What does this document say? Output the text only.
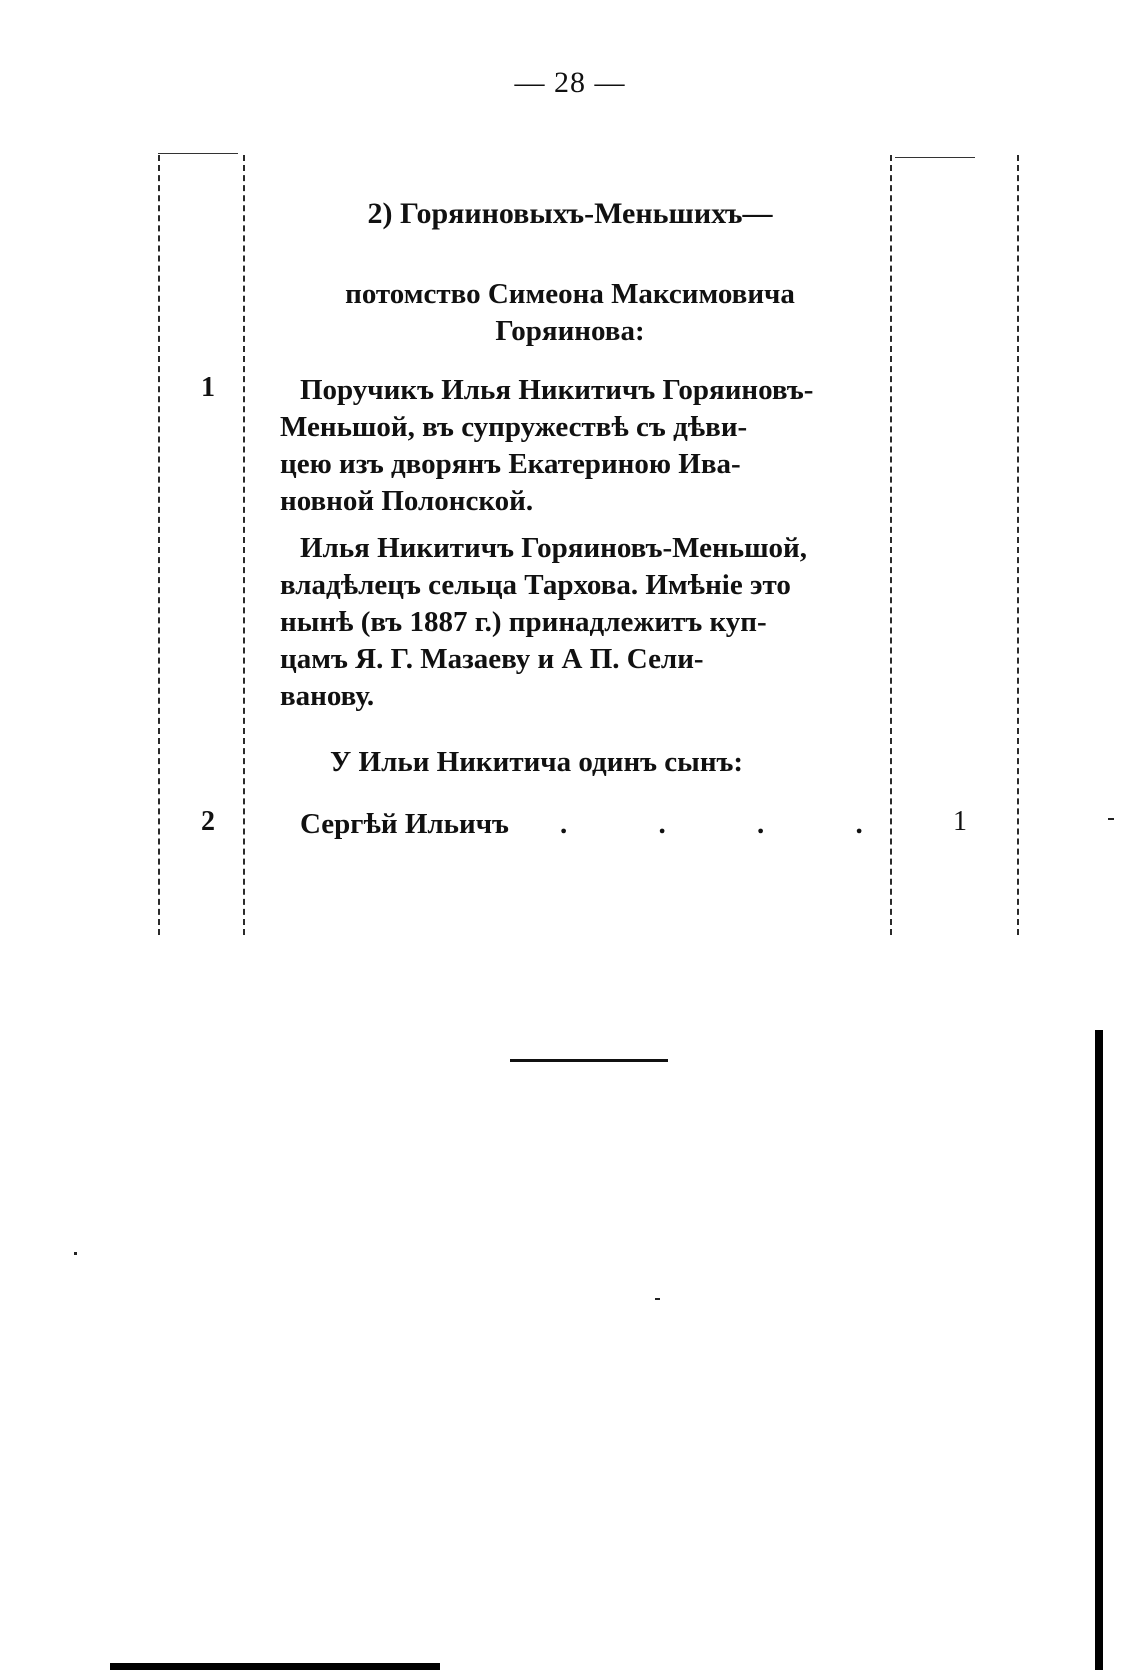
— 28 —
2) Горяиновыхъ-Меньшихъ—
потомство Симеона Максимовича
Горяинова:
1	Поручикъ Илья Никитичъ Горяиновъ-
Меньшой, въ супружествѣ съ дѣви-
цею изъ дворянъ Екатериною Ива-
новной Полонской.
Илья Никитичъ Горяиновъ-Меньшой,
владѣлецъ сельца Тархова. Имѣніе это
нынѣ (въ 1887 г.) принадлежитъ куп-
цамъ Я. Г. Мазаеву и А П. Сели-
ванову.
У Ильи Никитича одинъ сынъ:
2	Сергѣй Ильичъ . . . .	1
